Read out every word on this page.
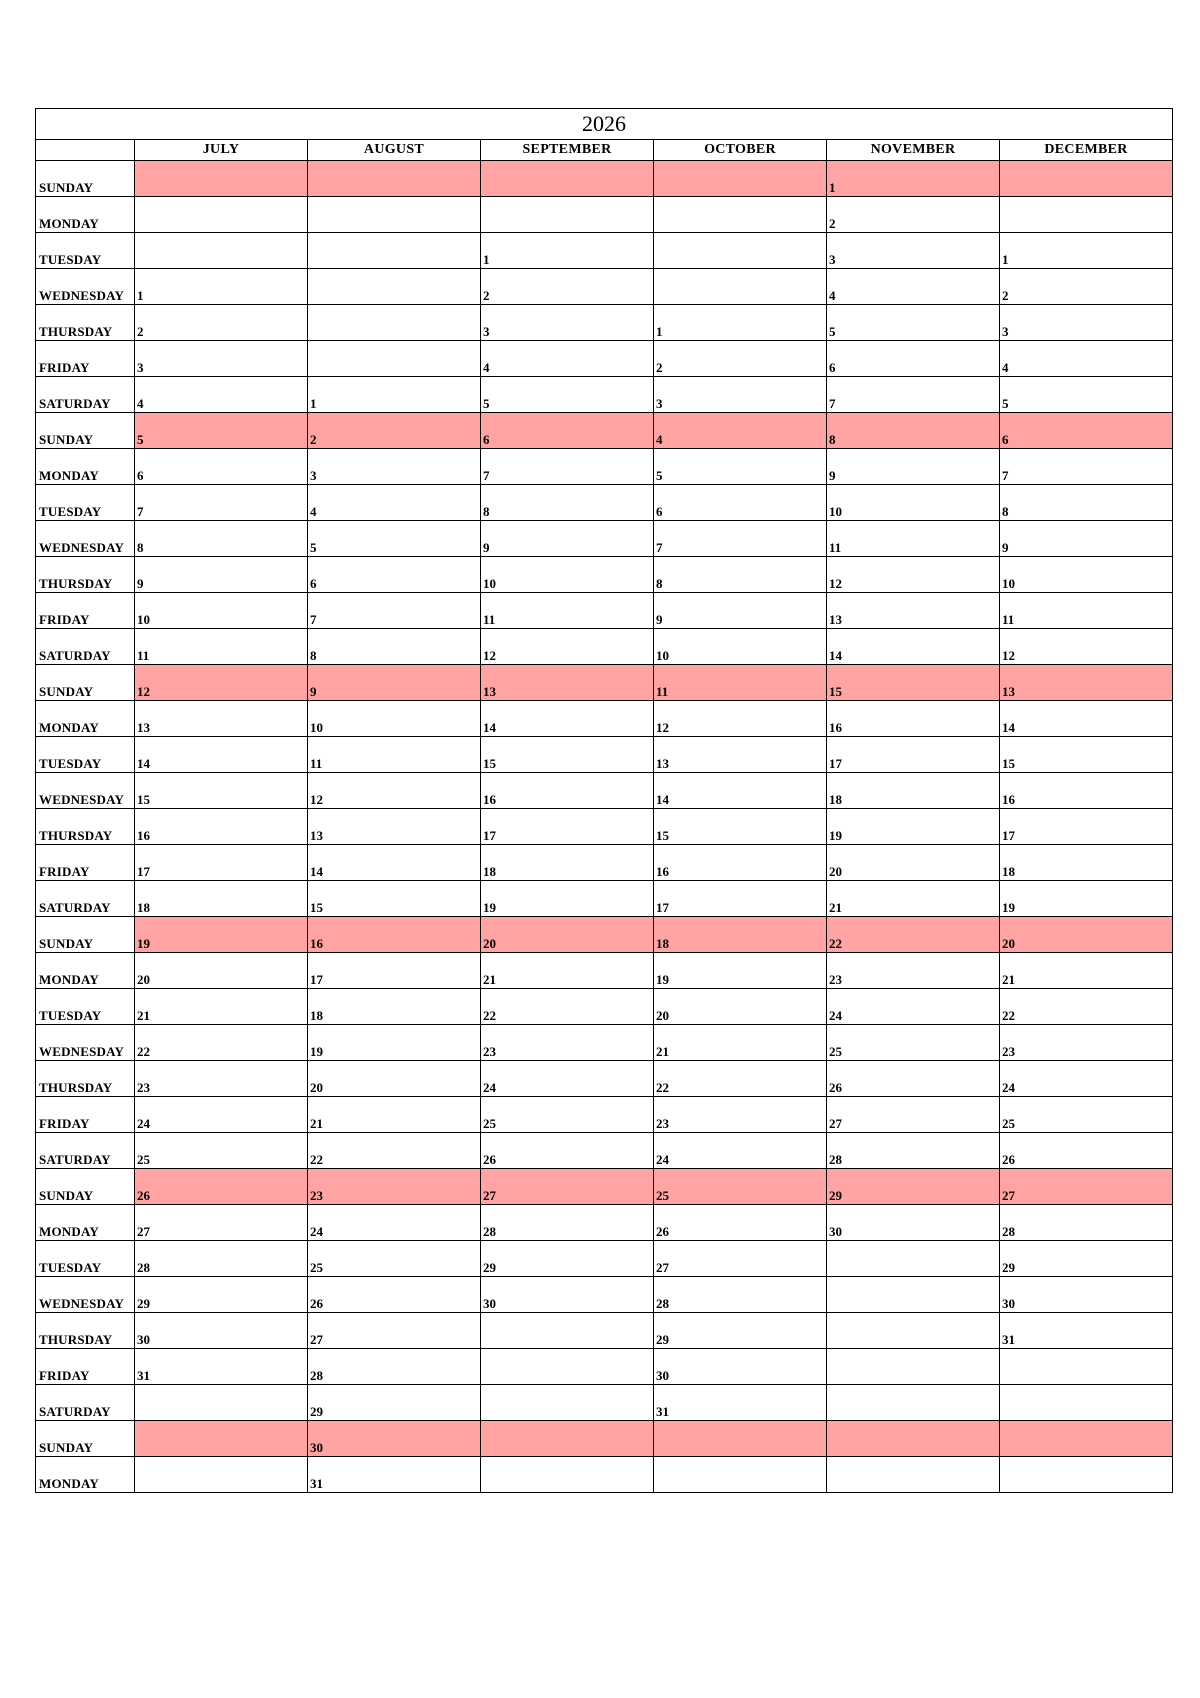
2026						
	JULY	AUGUST	SEPTEMBER	OCTOBER	NOVEMBER	DECEMBER
SUNDAY					1	
MONDAY					2	
TUESDAY			1		3	1
WEDNESDAY	1		2		4	2
THURSDAY	2		3	1	5	3
FRIDAY	3		4	2	6	4
SATURDAY	4	1	5	3	7	5
SUNDAY	5	2	6	4	8	6
MONDAY	6	3	7	5	9	7
TUESDAY	7	4	8	6	10	8
WEDNESDAY	8	5	9	7	11	9
THURSDAY	9	6	10	8	12	10
FRIDAY	10	7	11	9	13	11
SATURDAY	11	8	12	10	14	12
SUNDAY	12	9	13	11	15	13
MONDAY	13	10	14	12	16	14
TUESDAY	14	11	15	13	17	15
WEDNESDAY	15	12	16	14	18	16
THURSDAY	16	13	17	15	19	17
FRIDAY	17	14	18	16	20	18
SATURDAY	18	15	19	17	21	19
SUNDAY	19	16	20	18	22	20
MONDAY	20	17	21	19	23	21
TUESDAY	21	18	22	20	24	22
WEDNESDAY	22	19	23	21	25	23
THURSDAY	23	20	24	22	26	24
FRIDAY	24	21	25	23	27	25
SATURDAY	25	22	26	24	28	26
SUNDAY	26	23	27	25	29	27
MONDAY	27	24	28	26	30	28
TUESDAY	28	25	29	27		29
WEDNESDAY	29	26	30	28		30
THURSDAY	30	27		29		31
FRIDAY	31	28		30		
SATURDAY		29		31		
SUNDAY		30				
MONDAY		31				
